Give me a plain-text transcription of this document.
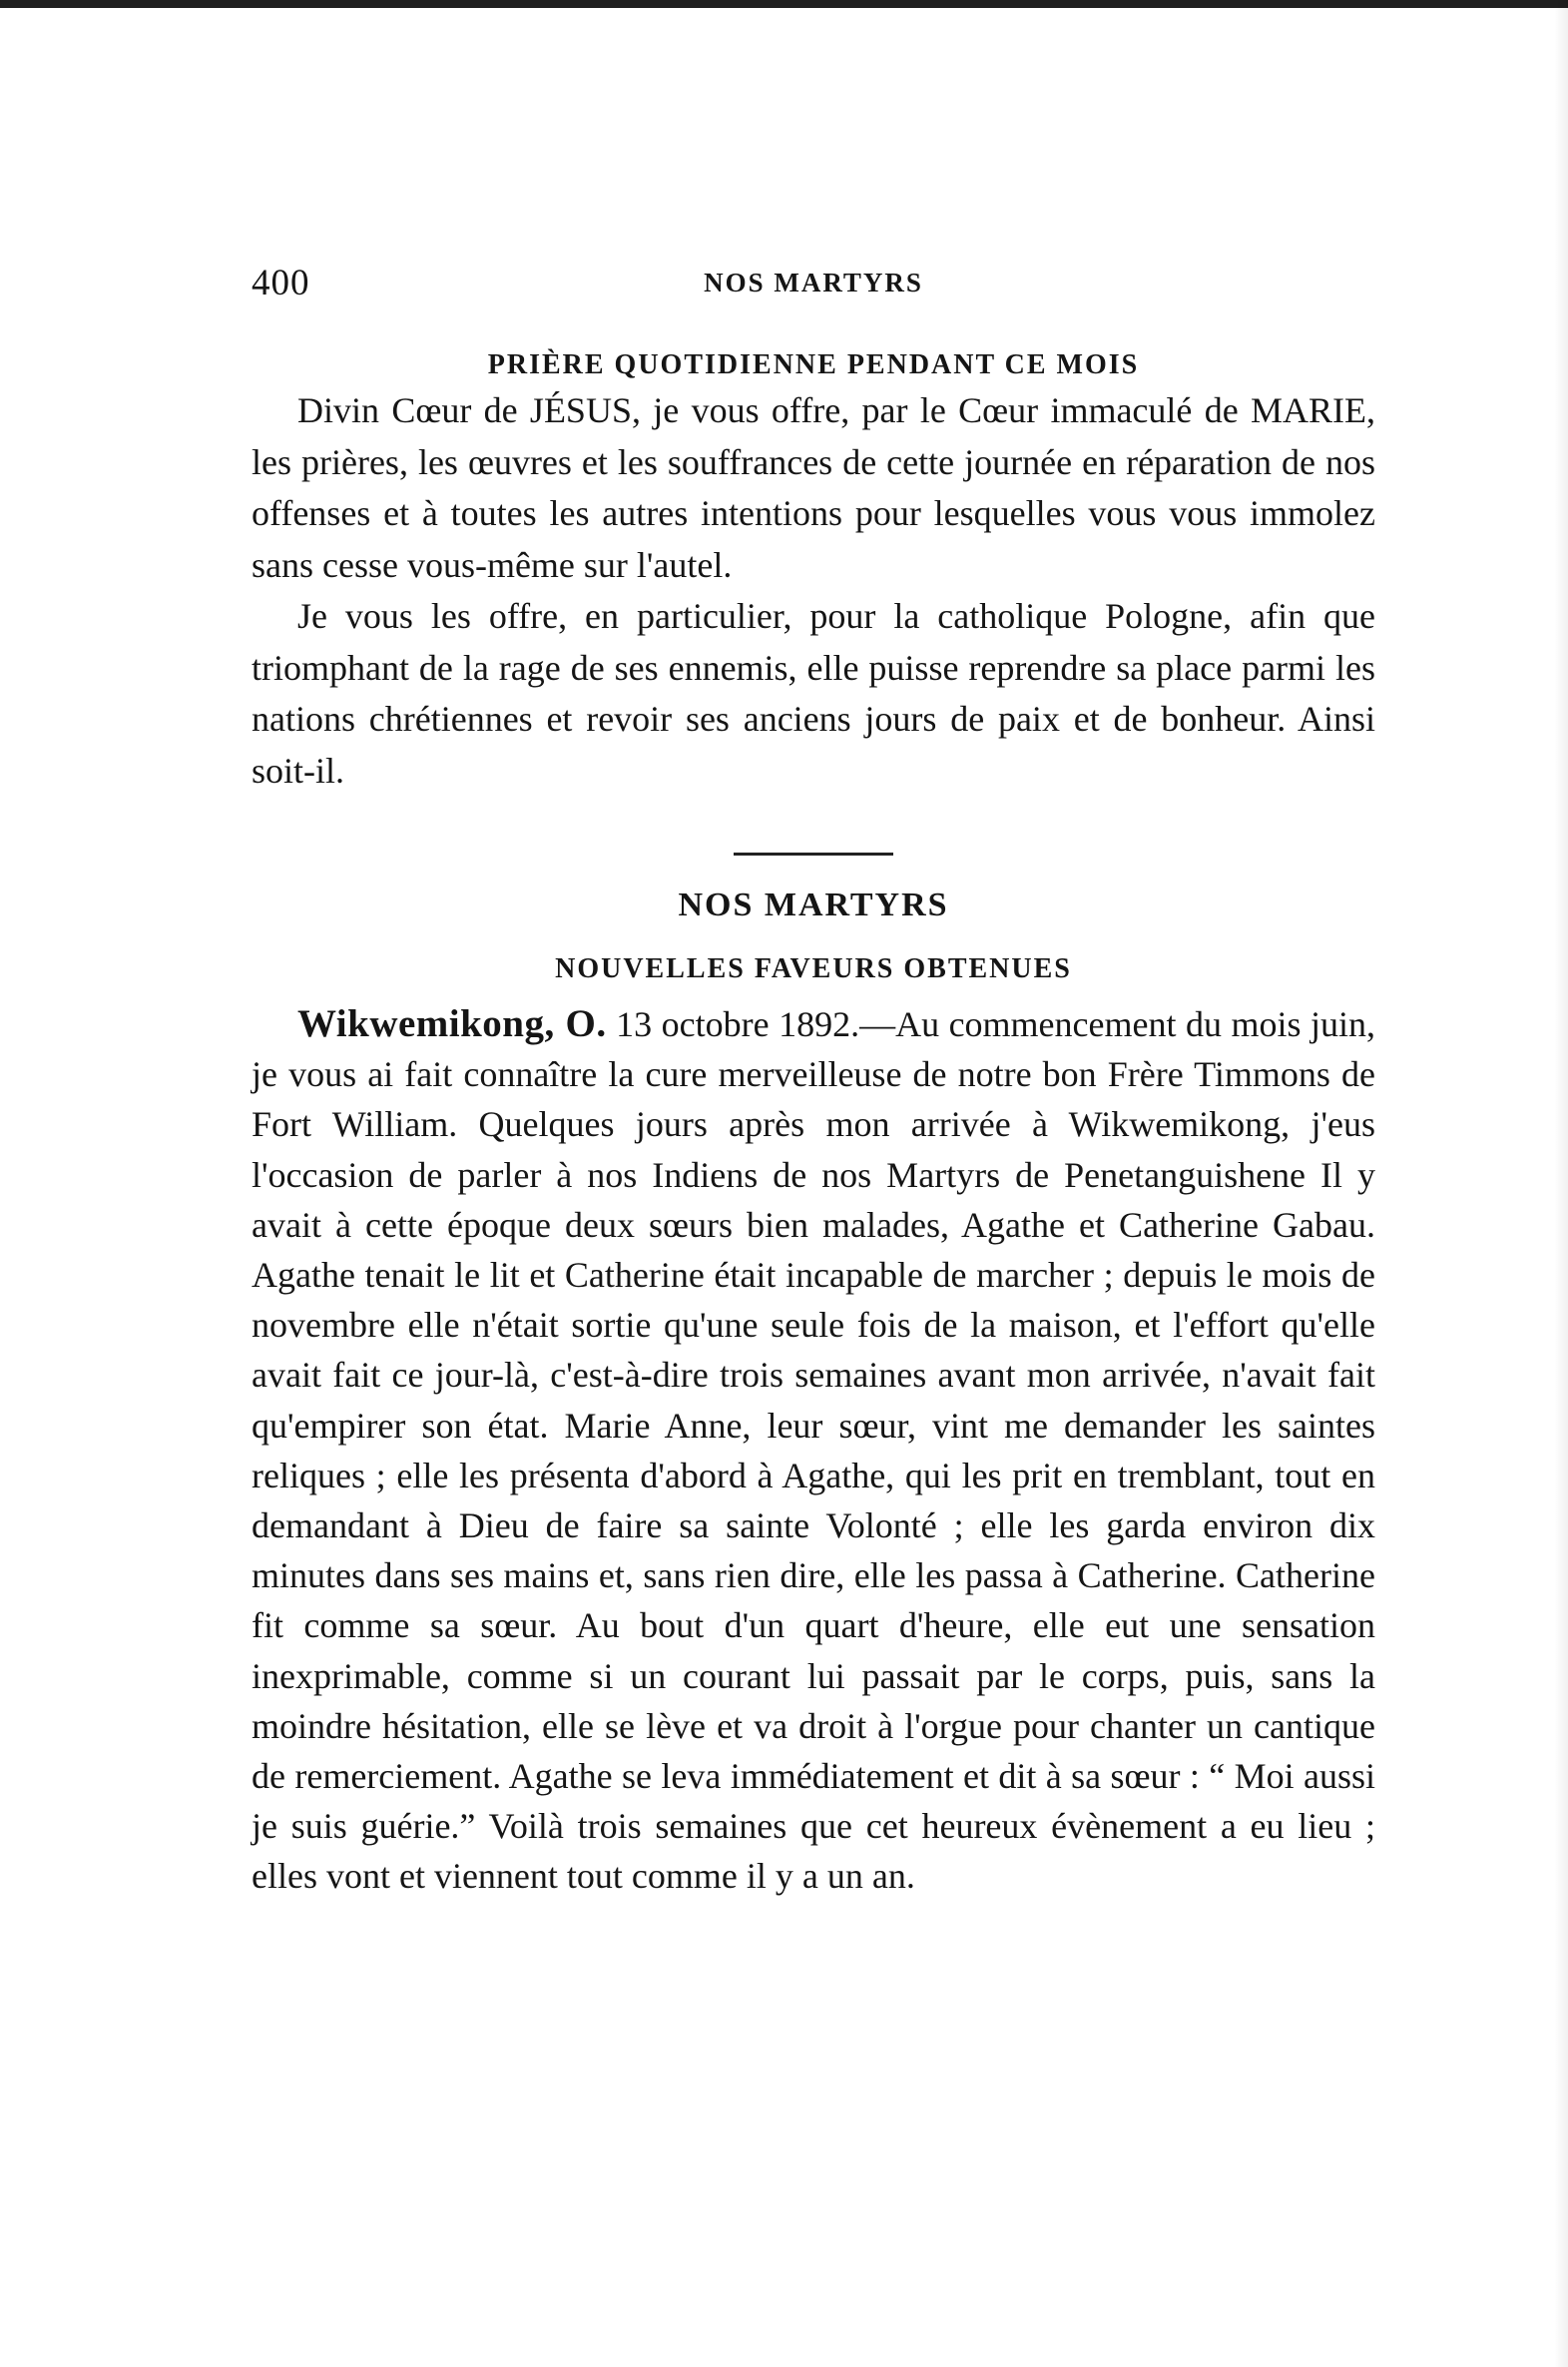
400	NOS MARTYRS
PRIÈRE QUOTIDIENNE PENDANT CE MOIS

Divin Cœur de JÉSUS, je vous offre, par le Cœur immaculé de MARIE, les prières, les œuvres et les souffrances de cette journée en réparation de nos offenses et à toutes les autres intentions pour lesquelles vous vous immolez sans cesse vous-même sur l'autel.

Je vous les offre, en particulier, pour la catholique Pologne, afin que triomphant de la rage de ses ennemis, elle puisse reprendre sa place parmi les nations chrétiennes et revoir ses anciens jours de paix et de bonheur. Ainsi soit-il.

NOS MARTYRS
NOUVELLES FAVEURS OBTENUES

Wikwemikong, O. 13 octobre 1892.—Au commencement du mois juin, je vous ai fait connaître la cure merveilleuse de notre bon Frère Timmons de Fort William. Quelques jours après mon arrivée à Wikwemikong, j'eus l'occasion de parler à nos Indiens de nos Martyrs de Penetanguishene Il y avait à cette époque deux sœurs bien malades, Agathe et Catherine Gabau. Agathe tenait le lit et Catherine était incapable de marcher ; depuis le mois de novembre elle n'était sortie qu'une seule fois de la maison, et l'effort qu'elle avait fait ce jour-là, c'est-à-dire trois semaines avant mon arrivée, n'avait fait qu'empirer son état. Marie Anne, leur sœur, vint me demander les saintes reliques ; elle les présenta d'abord à Agathe, qui les prit en tremblant, tout en demandant à Dieu de faire sa sainte Volonté ; elle les garda environ dix minutes dans ses mains et, sans rien dire, elle les passa à Catherine. Catherine fit comme sa sœur. Au bout d'un quart d'heure, elle eut une sensation inexprimable, comme si un courant lui passait par le corps, puis, sans la moindre hésitation, elle se lève et va droit à l'orgue pour chanter un cantique de remerciement. Agathe se leva immédiatement et dit à sa sœur : “ Moi aussi je suis guérie.” Voilà trois semaines que cet heureux évènement a eu lieu ; elles vont et viennent tout comme il y a un an.
